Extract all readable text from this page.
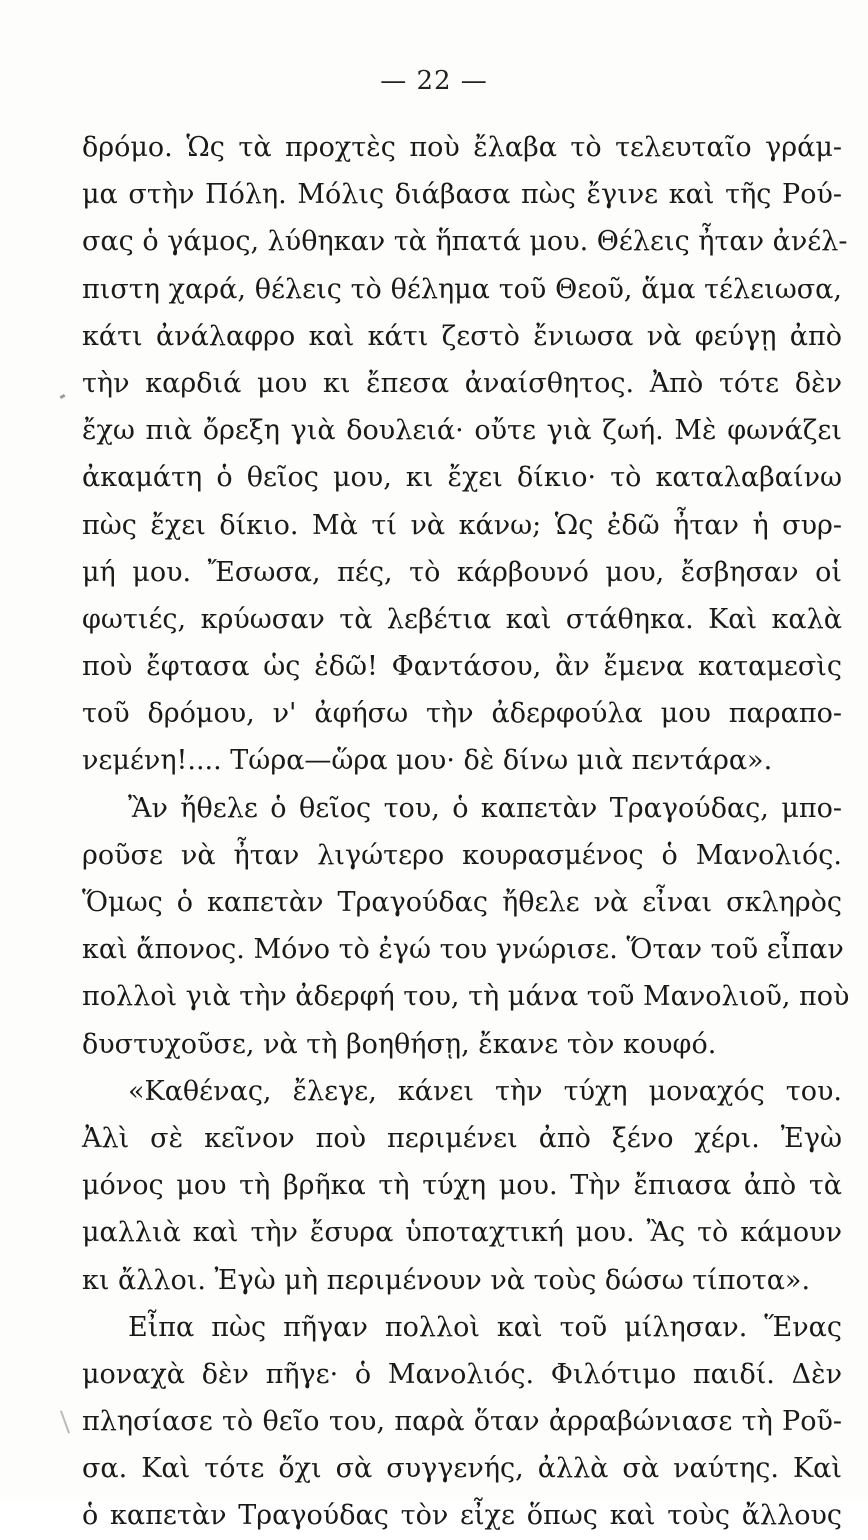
— 22 —
δρόμο. Ὡς τὰ προχτὲς ποὺ ἔλαβα τὸ τελευταῖο γράμ-
μα στὴν Πόλη. Μόλις διάβασα πὼς ἔγινε καὶ τῆς Ρού-
σας ὁ γάμος, λύθηκαν τὰ ἥπατά μου. Θέλεις ἦταν ἀνέλ-
πιστη χαρά, θέλεις τὸ θέλημα τοῦ Θεοῦ, ἅμα τέλειωσα,
κάτι ἀνάλαφρο καὶ κάτι ζεστὸ ἔνιωσα νὰ φεύγῃ ἀπὸ
τὴν καρδιά μου κι ἔπεσα ἀναίσθητος. Ἀπὸ τότε δὲν
ἔχω πιὰ ὄρεξη γιὰ δουλειά· οὔτε γιὰ ζωή. Μὲ φωνάζει
ἀκαμάτη ὁ θεῖος μου, κι ἔχει δίκιο· τὸ καταλαβαίνω
πὼς ἔχει δίκιο. Μὰ τί νὰ κάνω; Ὡς ἐδῶ ἦταν ἡ συρ-
μή μου. Ἔσωσα, πές, τὸ κάρβουνό μου, ἔσβησαν οἱ
φωτιές, κρύωσαν τὰ λεβέτια καὶ στάθηκα. Καὶ καλὰ
ποὺ ἔφτασα ὡς ἐδῶ! Φαντάσου, ἂν ἔμενα καταμεσὶς
τοῦ δρόμου, ν' ἀφήσω τὴν ἀδερφούλα μου παραπο-
νεμένη!.... Τώρα—ὥρα μου· δὲ δίνω μιὰ πεντάρα».
Ἂν ἤθελε ὁ θεῖος του, ὁ καπετὰν Τραγούδας, μπο-
ροῦσε νὰ ἦταν λιγώτερο κουρασμένος ὁ Μανολιός.
Ὅμως ὁ καπετὰν Τραγούδας ἤθελε νὰ εἶναι σκληρὸς
καὶ ἄπονος. Μόνο τὸ ἐγώ του γνώρισε. Ὅταν τοῦ εἶπαν
πολλοὶ γιὰ τὴν ἀδερφή του, τὴ μάνα τοῦ Μανολιοῦ, ποὺ
δυστυχοῦσε, νὰ τὴ βοηθήσῃ, ἔκανε τὸν κουφό.
«Καθένας, ἔλεγε, κάνει τὴν τύχη μοναχός του.
Ἀλὶ σὲ κεῖνον ποὺ περιμένει ἀπὸ ξένο χέρι. Ἐγὼ
μόνος μου τὴ βρῆκα τὴ τύχη μου. Τὴν ἔπιασα ἀπὸ τὰ
μαλλιὰ καὶ τὴν ἔσυρα ὑποταχτική μου. Ἂς τὸ κάμουν
κι ἄλλοι. Ἐγὼ μὴ περιμένουν νὰ τοὺς δώσω τίποτα».
Εἶπα πὼς πῆγαν πολλοὶ καὶ τοῦ μίλησαν. Ἕνας
μοναχὰ δὲν πῆγε· ὁ Μανολιός. Φιλότιμο παιδί. Δὲν
πλησίασε τὸ θεῖο του, παρὰ ὅταν ἀρραβώνιασε τὴ Ροῦ-
σα. Καὶ τότε ὄχι σὰ συγγενής, ἀλλὰ σὰ ναύτης. Καὶ
ὁ καπετὰν Τραγούδας τὸν εἶχε ὅπως καὶ τοὺς ἄλλους
